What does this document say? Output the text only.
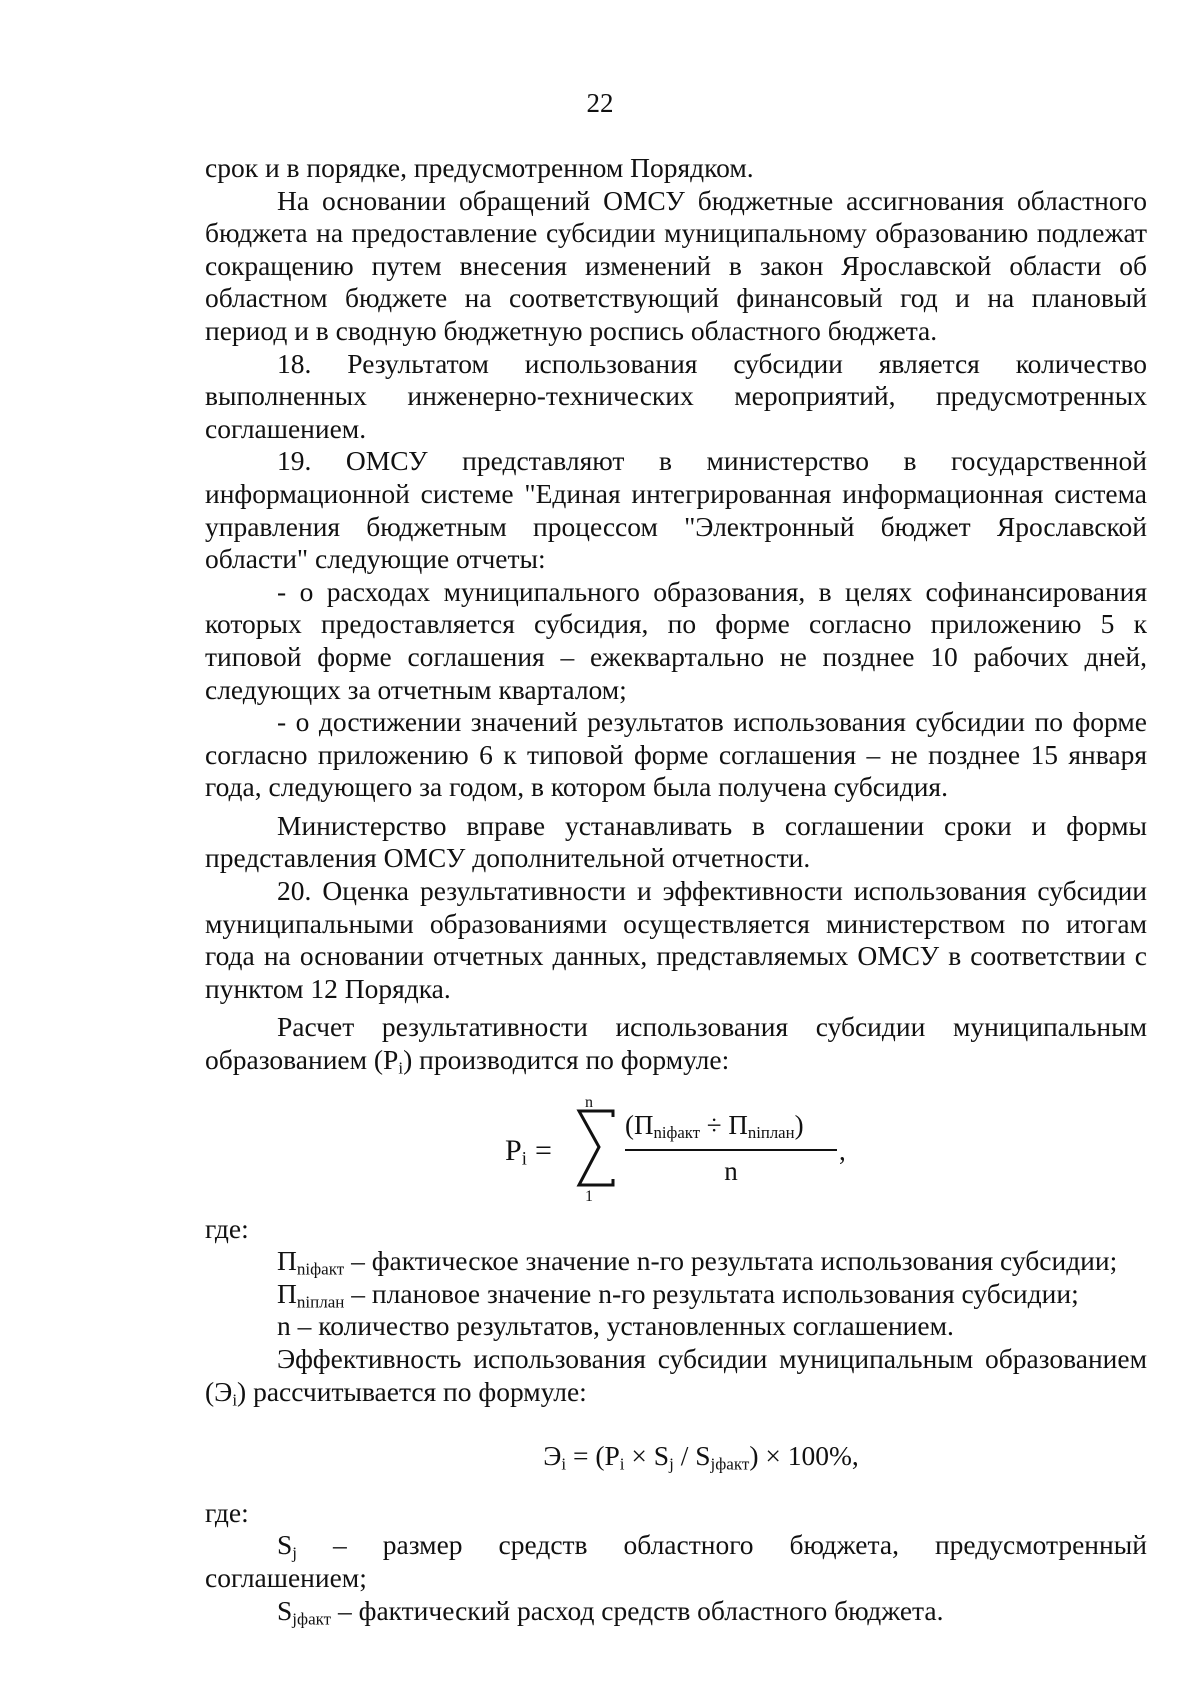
22

срок и в порядке, предусмотренном Порядком.

На основании обращений ОМСУ бюджетные ассигнования областного бюджета на предоставление субсидии муниципальному образованию подлежат сокращению путем внесения изменений в закон Ярославской области об областном бюджете на соответствующий финансовый год и на плановый период и в сводную бюджетную роспись областного бюджета.

18. Результатом использования субсидии является количество выполненных инженерно-технических мероприятий, предусмотренных соглашением.

19. ОМСУ представляют в министерство в государственной информационной системе "Единая интегрированная информационная система управления бюджетным процессом "Электронный бюджет Ярославской области" следующие отчеты:

- о расходах муниципального образования, в целях софинансирования которых предоставляется субсидия, по форме согласно приложению 5 к типовой форме соглашения – ежеквартально не позднее 10 рабочих дней, следующих за отчетным кварталом;

- о достижении значений результатов использования субсидии по форме согласно приложению 6 к типовой форме соглашения – не позднее 15 января года, следующего за годом, в котором была получена субсидия.

Министерство вправе устанавливать в соглашении сроки и формы представления ОМСУ дополнительной отчетности.

20. Оценка результативности и эффективности использования субсидии муниципальными образованиями осуществляется министерством по итогам года на основании отчетных данных, представляемых ОМСУ в соответствии с пунктом 12 Порядка.

Расчет результативности использования субсидии муниципальным образованием $(Р_i)$ производится по формуле:

$Р_i$ =
n
1
$(П_{niфакт} \div П_{niплан})$
n
,

где:

$П_{niфакт}$ – фактическое значение n-го результата использования субсидии;

$П_{niплан}$ – плановое значение n-го результата использования субсидии;

n – количество результатов, установленных соглашением.

Эффективность использования субсидии муниципальным образованием $(Э_i)$ рассчитывается по формуле:

$Э_i = (Р_i \times S_j / S_{jфакт}) \times 100\%$,

где:

$S_j$ – размер средств областного бюджета, предусмотренный

соглашением;

$S_{jфакт}$ – фактический расход средств областного бюджета.
